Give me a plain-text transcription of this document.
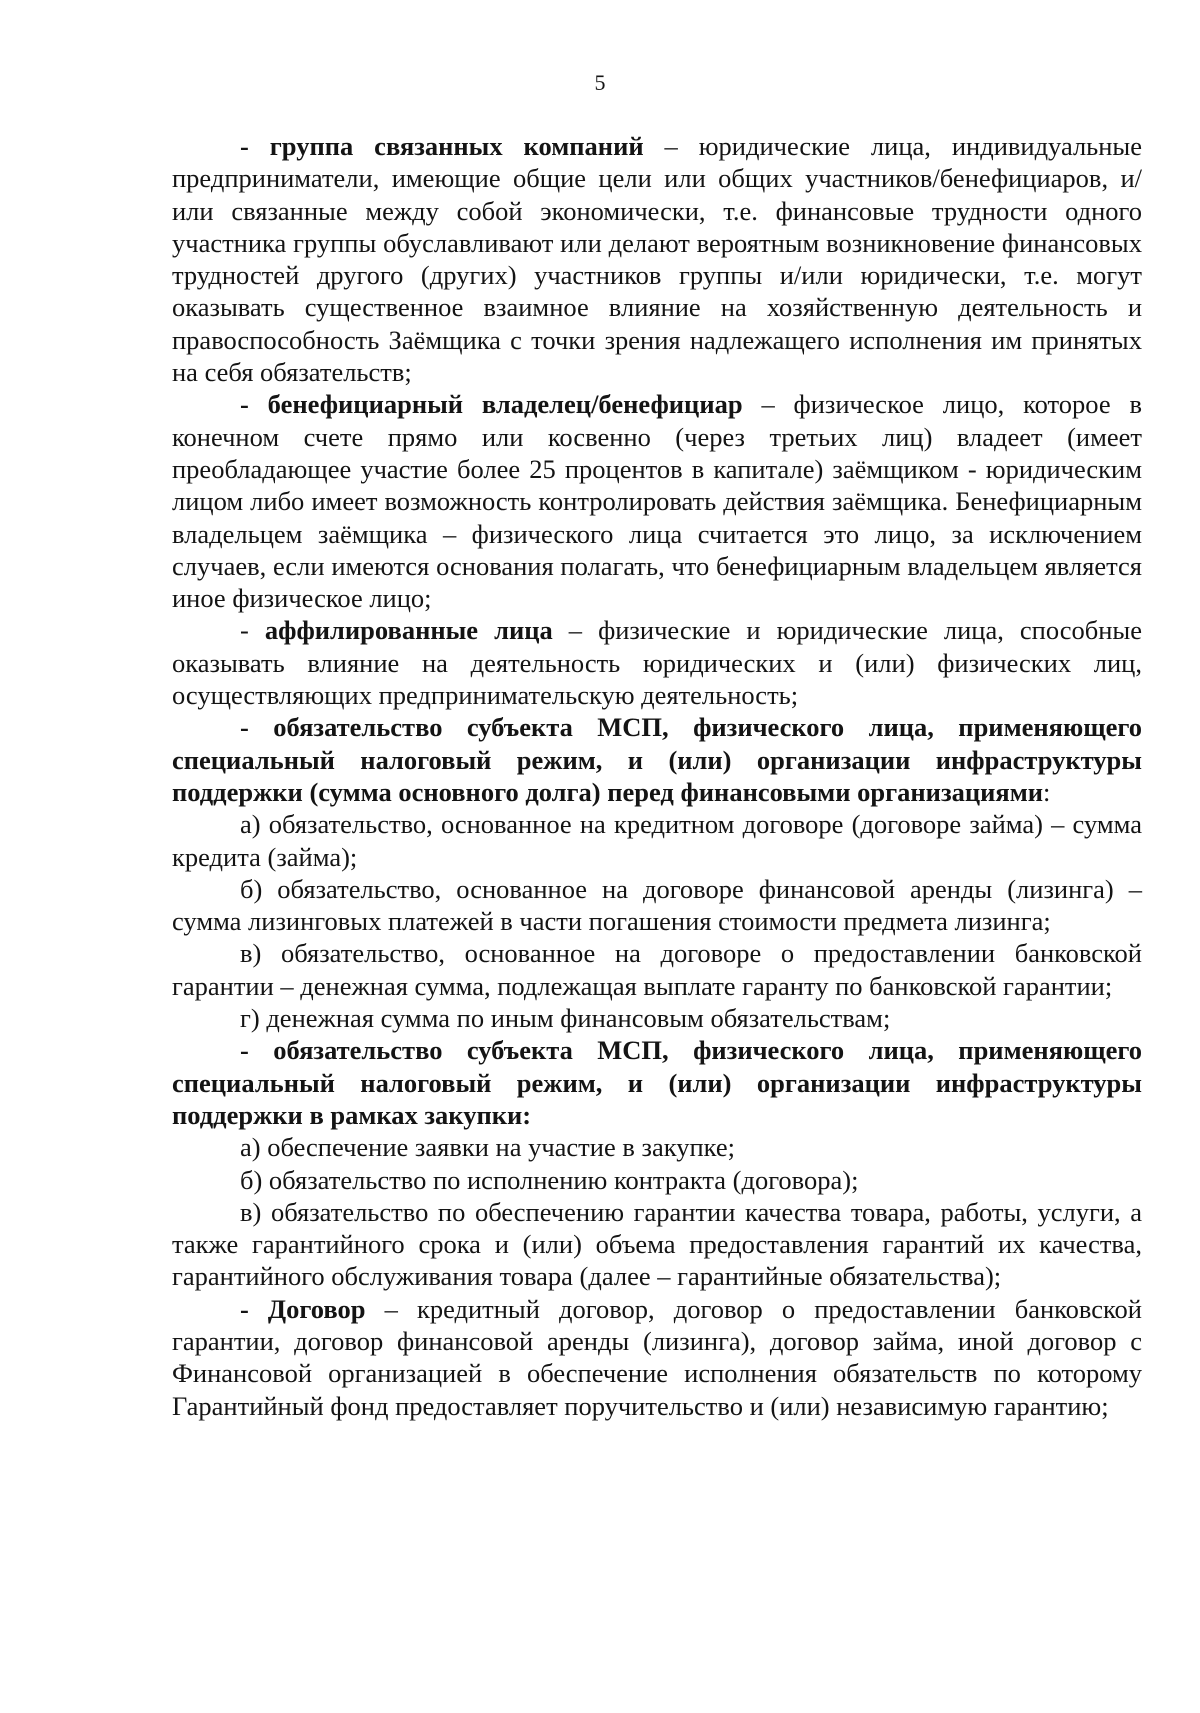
5

- группа связанных компаний – юридические лица, индивидуальные предприниматели, имеющие общие цели или общих участников/бенефициаров, и/или связанные между собой экономически, т.е. финансовые трудности одного участника группы обуславливают или делают вероятным возникновение финансовых трудностей другого (других) участников группы и/или юридически, т.е. могут оказывать существенное взаимное влияние на хозяйственную деятельность и правоспособность Заёмщика с точки зрения надлежащего исполнения им принятых на себя обязательств;

- бенефициарный владелец/бенефициар – физическое лицо, которое в конечном счете прямо или косвенно (через третьих лиц) владеет (имеет преобладающее участие более 25 процентов в капитале) заёмщиком - юридическим лицом либо имеет возможность контролировать действия заёмщика. Бенефициарным владельцем заёмщика – физического лица считается это лицо, за исключением случаев, если имеются основания полагать, что бенефициарным владельцем является иное физическое лицо;

- аффилированные лица – физические и юридические лица, способные оказывать влияние на деятельность юридических и (или) физических лиц, осуществляющих предпринимательскую деятельность;

- обязательство субъекта МСП, физического лица, применяющего специальный налоговый режим, и (или) организации инфраструктуры поддержки (сумма основного долга) перед финансовыми организациями:

а) обязательство, основанное на кредитном договоре (договоре займа) – сумма кредита (займа);

б) обязательство, основанное на договоре финансовой аренды (лизинга) – сумма лизинговых платежей в части погашения стоимости предмета лизинга;

в) обязательство, основанное на договоре о предоставлении банковской гарантии – денежная сумма, подлежащая выплате гаранту по банковской гарантии;

г) денежная сумма по иным финансовым обязательствам;

- обязательство субъекта МСП, физического лица, применяющего специальный налоговый режим, и (или) организации инфраструктуры поддержки в рамках закупки:

а) обеспечение заявки на участие в закупке;

б) обязательство по исполнению контракта (договора);

в) обязательство по обеспечению гарантии качества товара, работы, услуги, а также гарантийного срока и (или) объема предоставления гарантий их качества, гарантийного обслуживания товара (далее – гарантийные обязательства);

- Договор – кредитный договор, договор о предоставлении банковской гарантии, договор финансовой аренды (лизинга), договор займа, иной договор с Финансовой организацией в обеспечение исполнения обязательств по которому Гарантийный фонд предоставляет поручительство и (или) независимую гарантию;
